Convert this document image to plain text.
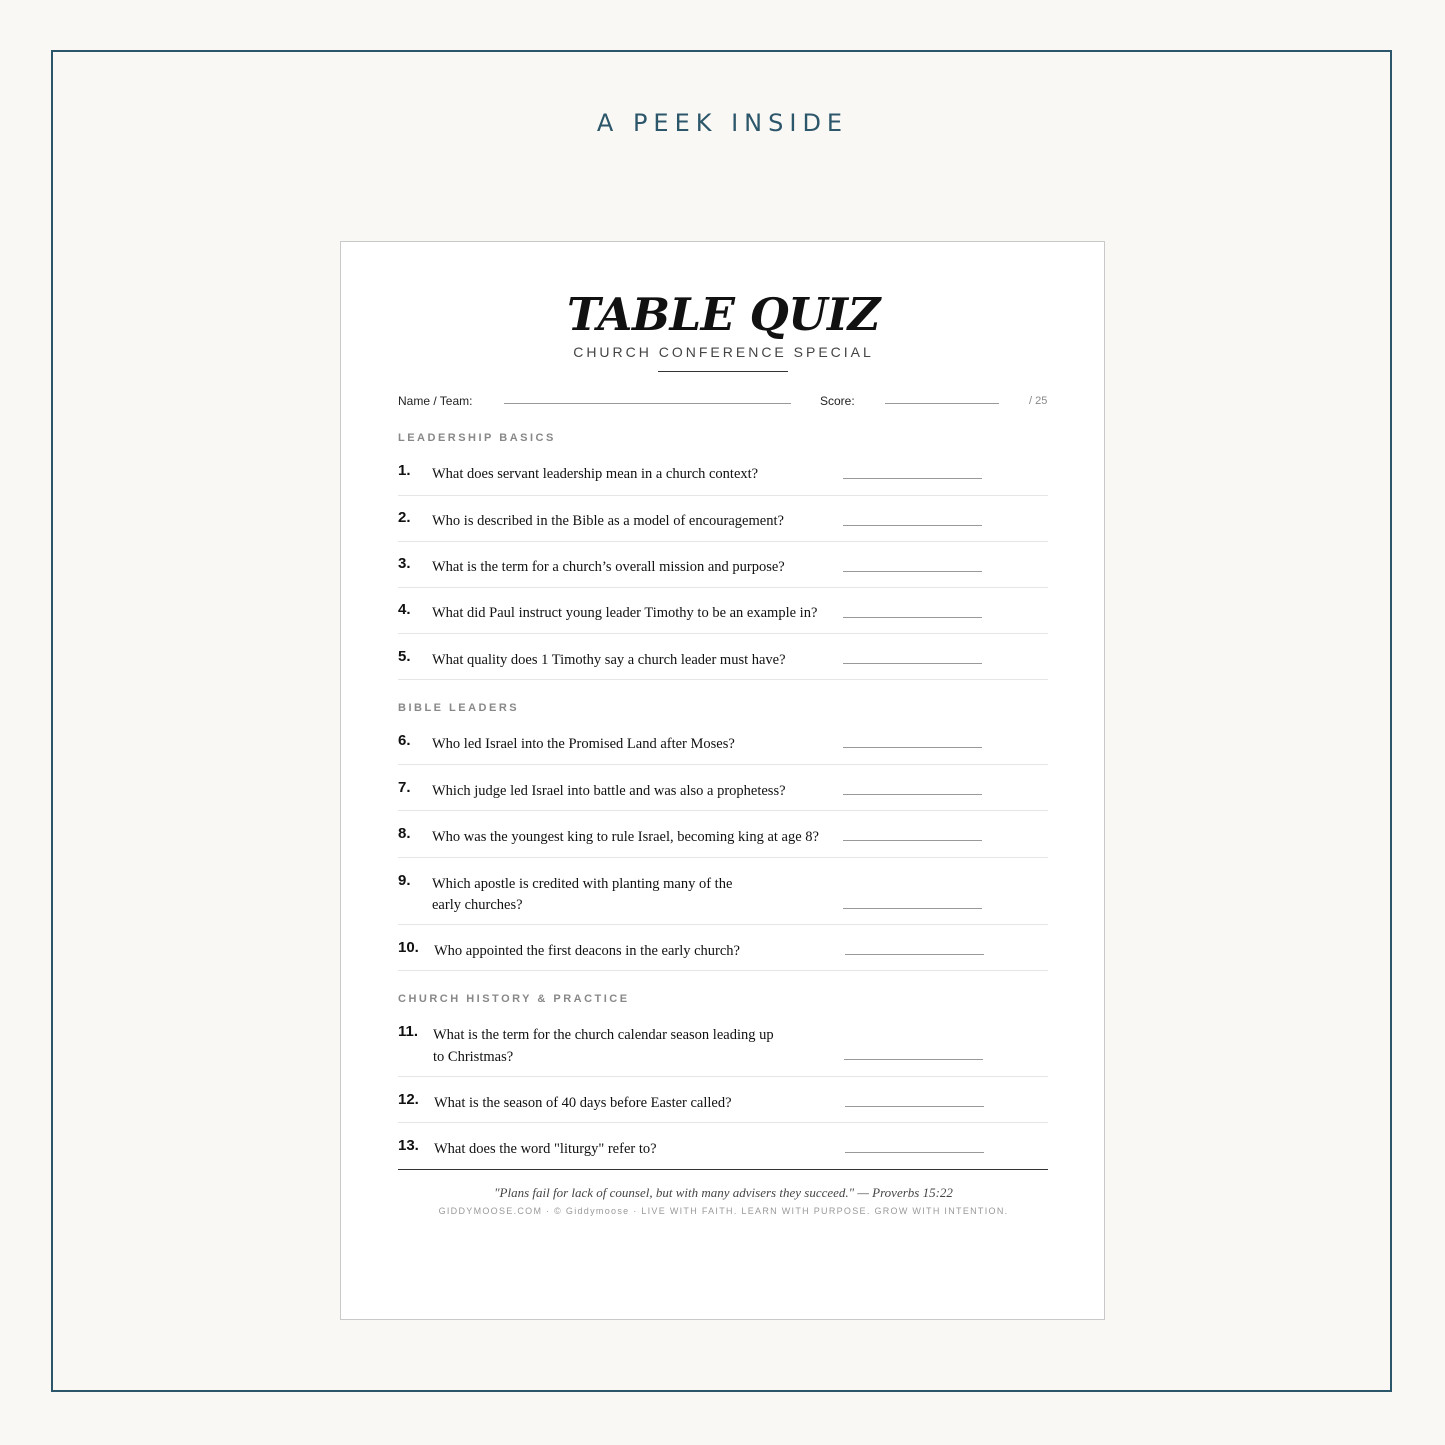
A PEEK INSIDE
TABLE QUIZ
CHURCH CONFERENCE SPECIAL
Name / Team:	Score:	/ 25
LEADERSHIP BASICS
1. What does servant leadership mean in a church context?
2. Who is described in the Bible as a model of encouragement?
3. What is the term for a church’s overall mission and purpose?
4. What did Paul instruct young leader Timothy to be an example in?
5. What quality does 1 Timothy say a church leader must have?
BIBLE LEADERS
6. Who led Israel into the Promised Land after Moses?
7. Which judge led Israel into battle and was also a prophetess?
8. Who was the youngest king to rule Israel, becoming king at age 8?
9. Which apostle is credited with planting many of the
early churches?
10. Who appointed the first deacons in the early church?
CHURCH HISTORY & PRACTICE
11. What is the term for the church calendar season leading up
to Christmas?
12. What is the season of 40 days before Easter called?
13. What does the word "liturgy" refer to?
"Plans fail for lack of counsel, but with many advisers they succeed." — Proverbs 15:22
GIDDYMOOSE.COM · © Giddymoose · LIVE WITH FAITH. LEARN WITH PURPOSE. GROW WITH INTENTION.
